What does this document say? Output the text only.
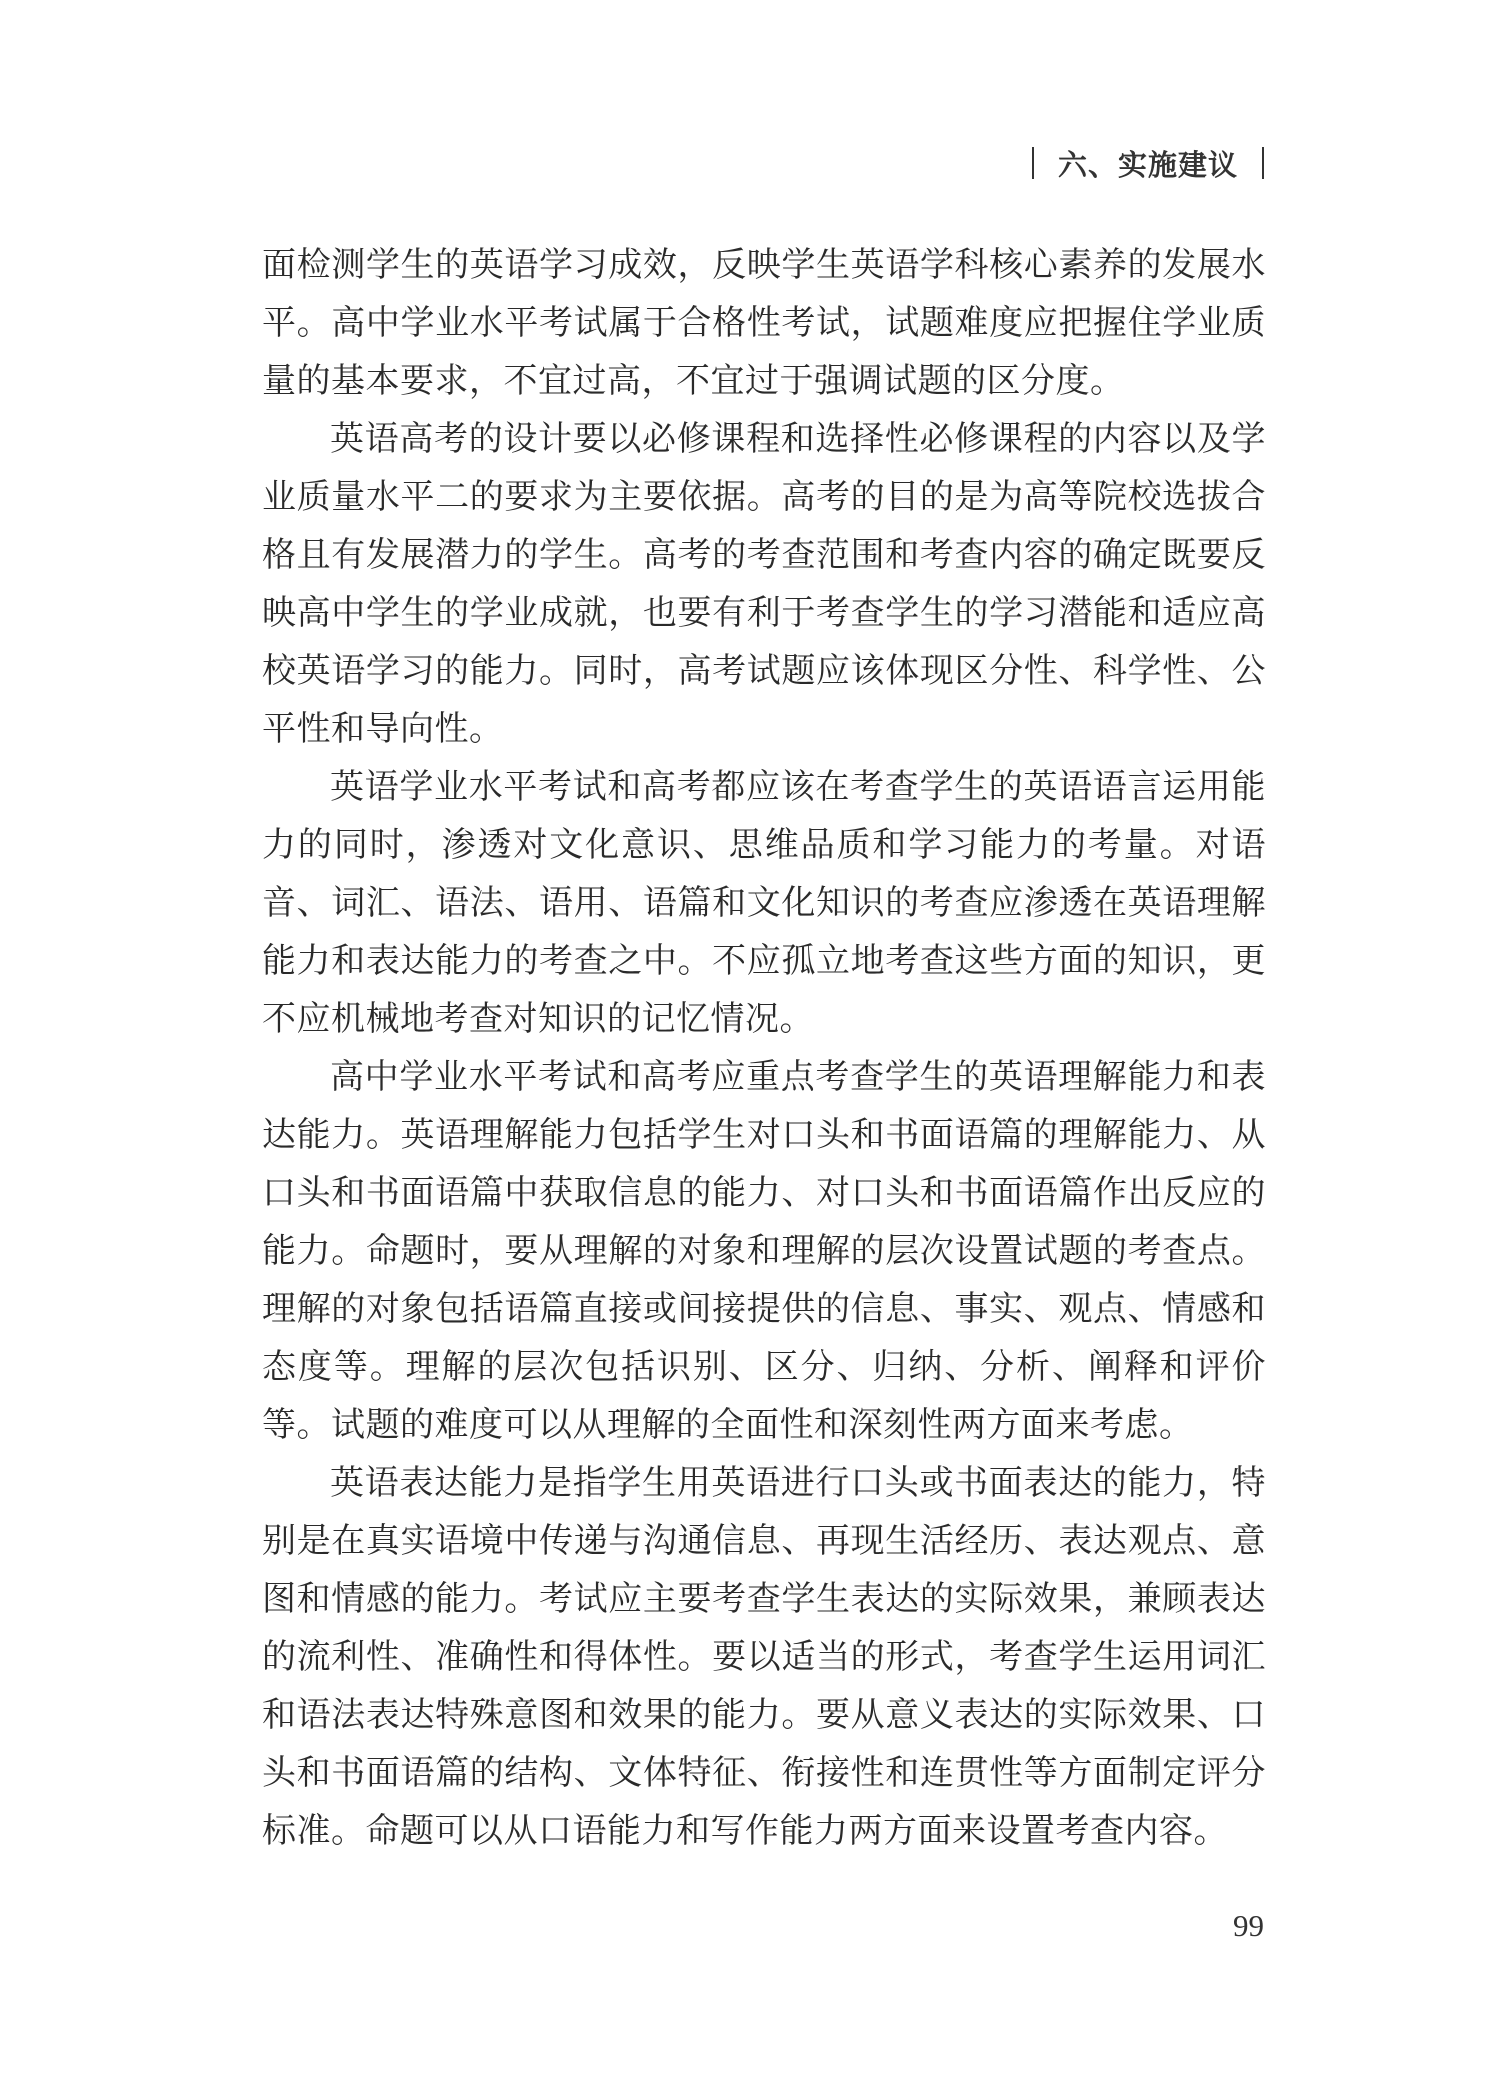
六、实施建议

面检测学生的英语学习成效，反映学生英语学科核心素养的发展水平。高中学业水平考试属于合格性考试，试题难度应把握住学业质量的基本要求，不宜过高，不宜过于强调试题的区分度。

英语高考的设计要以必修课程和选择性必修课程的内容以及学业质量水平二的要求为主要依据。高考的目的是为高等院校选拔合格且有发展潜力的学生。高考的考查范围和考查内容的确定既要反映高中学生的学业成就，也要有利于考查学生的学习潜能和适应高校英语学习的能力。同时，高考试题应该体现区分性、科学性、公平性和导向性。

英语学业水平考试和高考都应该在考查学生的英语语言运用能力的同时，渗透对文化意识、思维品质和学习能力的考量。对语音、词汇、语法、语用、语篇和文化知识的考查应渗透在英语理解能力和表达能力的考查之中。不应孤立地考查这些方面的知识，更不应机械地考查对知识的记忆情况。

高中学业水平考试和高考应重点考查学生的英语理解能力和表达能力。英语理解能力包括学生对口头和书面语篇的理解能力、从口头和书面语篇中获取信息的能力、对口头和书面语篇作出反应的能力。命题时，要从理解的对象和理解的层次设置试题的考查点。理解的对象包括语篇直接或间接提供的信息、事实、观点、情感和态度等。理解的层次包括识别、区分、归纳、分析、阐释和评价等。试题的难度可以从理解的全面性和深刻性两方面来考虑。

英语表达能力是指学生用英语进行口头或书面表达的能力，特别是在真实语境中传递与沟通信息、再现生活经历、表达观点、意图和情感的能力。考试应主要考查学生表达的实际效果，兼顾表达的流利性、准确性和得体性。要以适当的形式，考查学生运用词汇和语法表达特殊意图和效果的能力。要从意义表达的实际效果、口头和书面语篇的结构、文体特征、衔接性和连贯性等方面制定评分标准。命题可以从口语能力和写作能力两方面来设置考查内容。

99
